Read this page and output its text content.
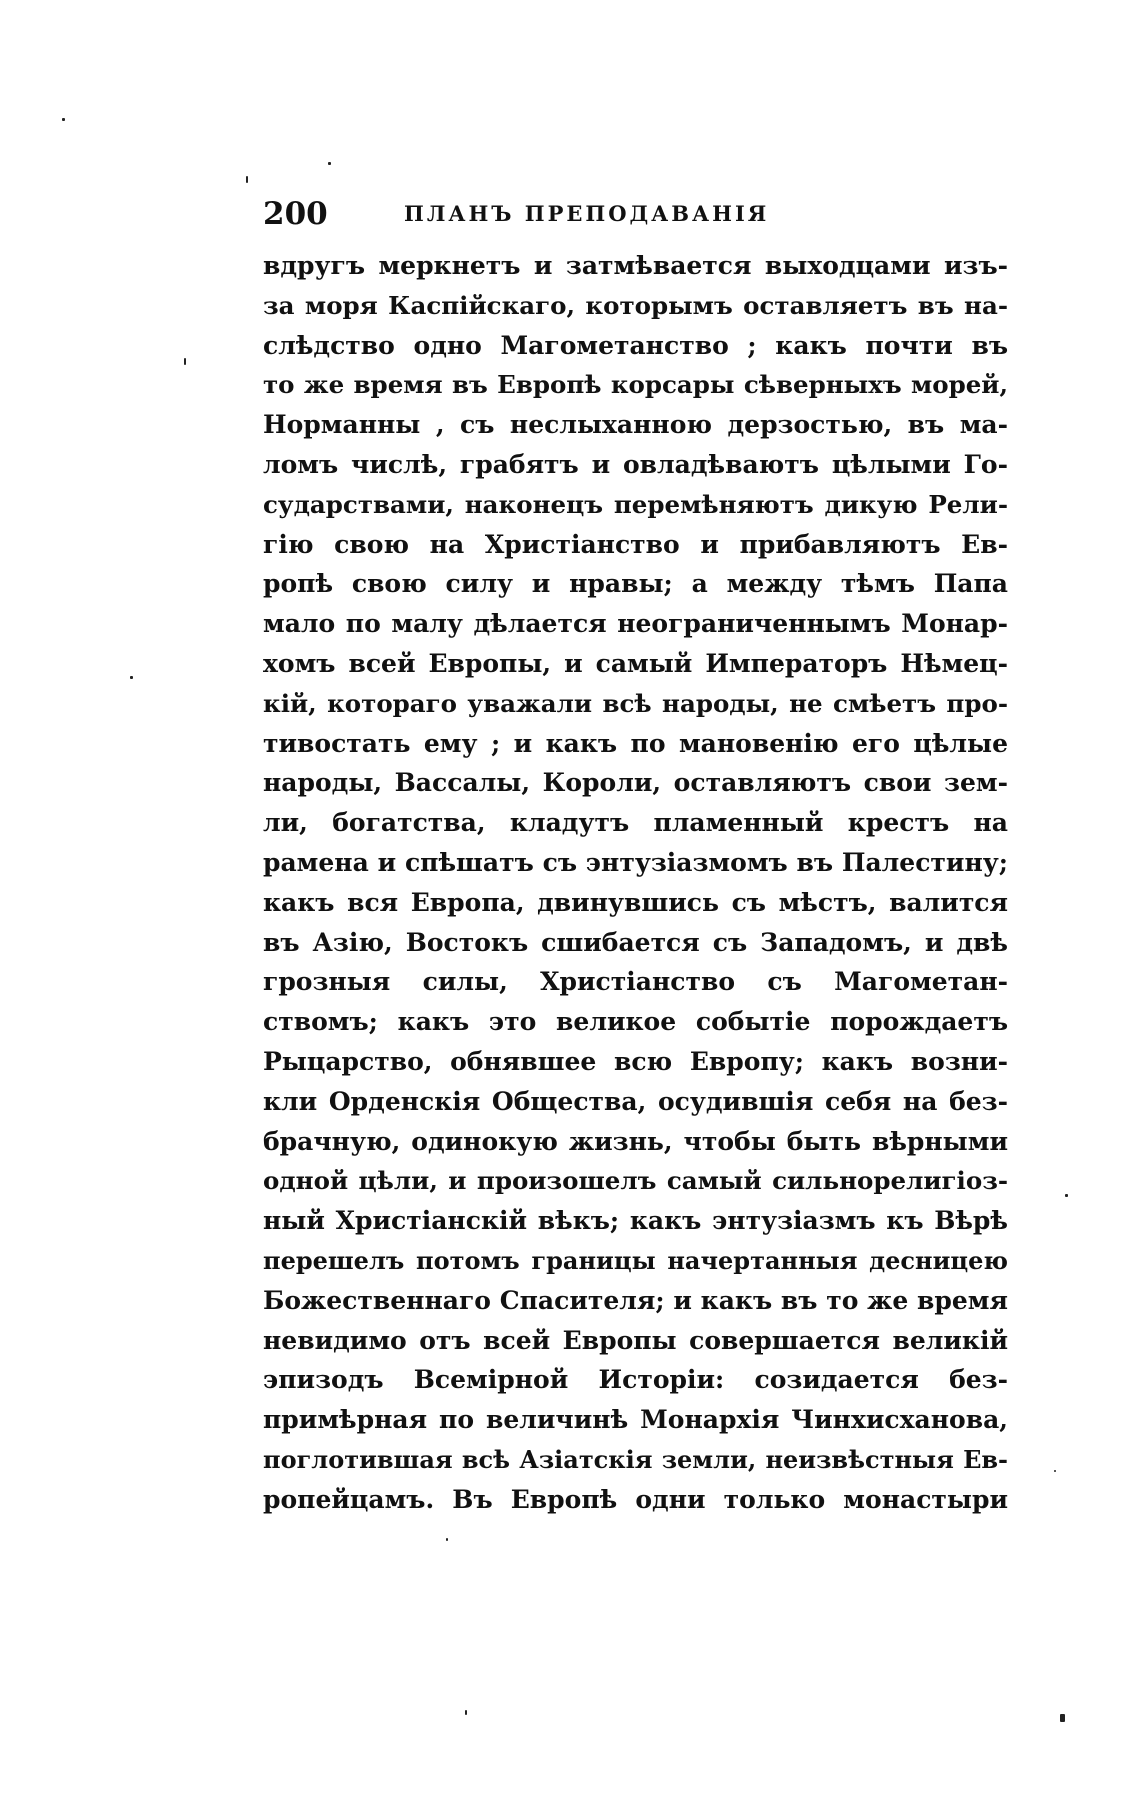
200	ПЛАНЪ ПРЕПОДАВАНІЯ
вдругъ меркнетъ и затмѣвается выходцами изъ-
за моря Каспійскаго, которымъ оставляетъ въ на-
слѣдство одно Магометанство ; какъ почти въ
то же время въ Европѣ корсары сѣверныхъ морей,
Норманны , съ неслыханною дерзостью, въ ма-
ломъ числѣ, грабятъ и овладѣваютъ цѣлыми Го-
сударствами, наконецъ перемѣняютъ дикую Рели-
гію свою на Христіанство и прибавляютъ Ев-
ропѣ свою силу и нравы; а между тѣмъ Папа
мало по малу дѣлается неограниченнымъ Монар-
хомъ всей Европы, и самый Императоръ Нѣмец-
кій, котораго уважали всѣ народы, не смѣетъ про-
тивостать ему ; и какъ по мановенію его цѣлые
народы, Вассалы, Короли, оставляютъ свои зем-
ли, богатства, кладутъ пламенный крестъ на
рамена и спѣшатъ съ энтузіазмомъ въ Палестину;
какъ вся Европа, двинувшись съ мѣстъ, валится
въ Азію, Востокъ сшибается съ Западомъ, и двѣ
грозныя силы, Христіанство съ Магометан-
ствомъ; какъ это великое событіе порождаетъ
Рыцарство, обнявшее всю Европу; какъ возни-
кли Орденскія Общества, осудившія себя на без-
брачную, одинокую жизнь, чтобы быть вѣрными
одной цѣли, и произошелъ самый сильнорелигіоз-
ный Христіанскій вѣкъ; какъ энтузіазмъ къ Вѣрѣ
перешелъ потомъ границы начертанныя десницею
Божественнаго Спасителя; и какъ въ то же время
невидимо отъ всей Европы совершается великій
эпизодъ Всемірной Исторіи: созидается без-
примѣрная по величинѣ Монархія Чинхисханова,
поглотившая всѣ Азіатскія земли, неизвѣстныя Ев-
ропейцамъ. Въ Европѣ одни только монастыри
